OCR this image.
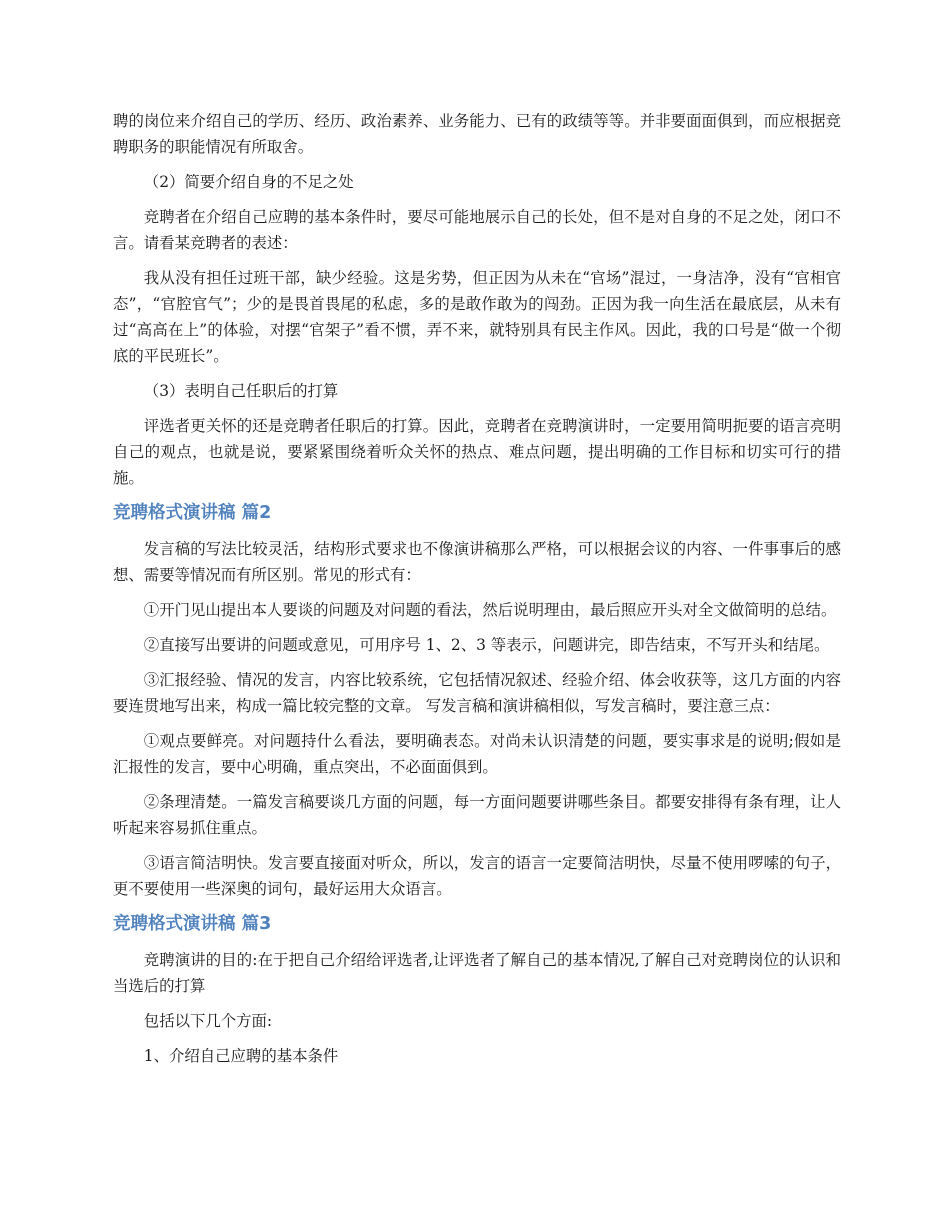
聘的岗位来介绍自己的学历、经历、政治素养、业务能力、已有的政绩等等。并非要面面俱到，而应根据竞聘职务的职能情况有所取舍。

（2）简要介绍自身的不足之处

竞聘者在介绍自己应聘的基本条件时，要尽可能地展示自己的长处，但不是对自身的不足之处，闭口不言。请看某竞聘者的表述：

我从没有担任过班干部，缺少经验。这是劣势，但正因为从未在“官场”混过，一身洁净，没有“官相官态”，“官腔官气”；少的是畏首畏尾的私虑，多的是敢作敢为的闯劲。正因为我一向生活在最底层，从未有过“高高在上”的体验，对摆“官架子”看不惯，弄不来，就特别具有民主作风。因此，我的口号是“做一个彻底的平民班长”。

（3）表明自己任职后的打算

评选者更关怀的还是竞聘者任职后的打算。因此，竞聘者在竞聘演讲时，一定要用简明扼要的语言亮明自己的观点，也就是说，要紧紧围绕着听众关怀的热点、难点问题，提出明确的工作目标和切实可行的措施。

竞聘格式演讲稿 篇2

发言稿的写法比较灵活，结构形式要求也不像演讲稿那么严格，可以根据会议的内容、一件事事后的感想、需要等情况而有所区别。常见的形式有：

①开门见山提出本人要谈的问题及对问题的看法，然后说明理由，最后照应开头对全文做简明的总结。

②直接写出要讲的问题或意见，可用序号 1、2、3 等表示，问题讲完，即告结束，不写开头和结尾。

③汇报经验、情况的发言，内容比较系统，它包括情况叙述、经验介绍、体会收获等，这几方面的内容要连贯地写出来，构成一篇比较完整的文章。 写发言稿和演讲稿相似，写发言稿时，要注意三点：

①观点要鲜亮。对问题持什么看法，要明确表态。对尚未认识清楚的问题，要实事求是的说明;假如是汇报性的发言，要中心明确，重点突出，不必面面俱到。

②条理清楚。一篇发言稿要谈几方面的问题，每一方面问题要讲哪些条目。都要安排得有条有理，让人听起来容易抓住重点。

③语言简洁明快。发言要直接面对听众，所以，发言的语言一定要简洁明快，尽量不使用啰嗦的句子，更不要使用一些深奥的词句，最好运用大众语言。

竞聘格式演讲稿 篇3

竞聘演讲的目的:在于把自己介绍给评选者,让评选者了解自己的基本情况,了解自己对竞聘岗位的认识和当选后的打算

包括以下几个方面:

1、介绍自己应聘的基本条件
